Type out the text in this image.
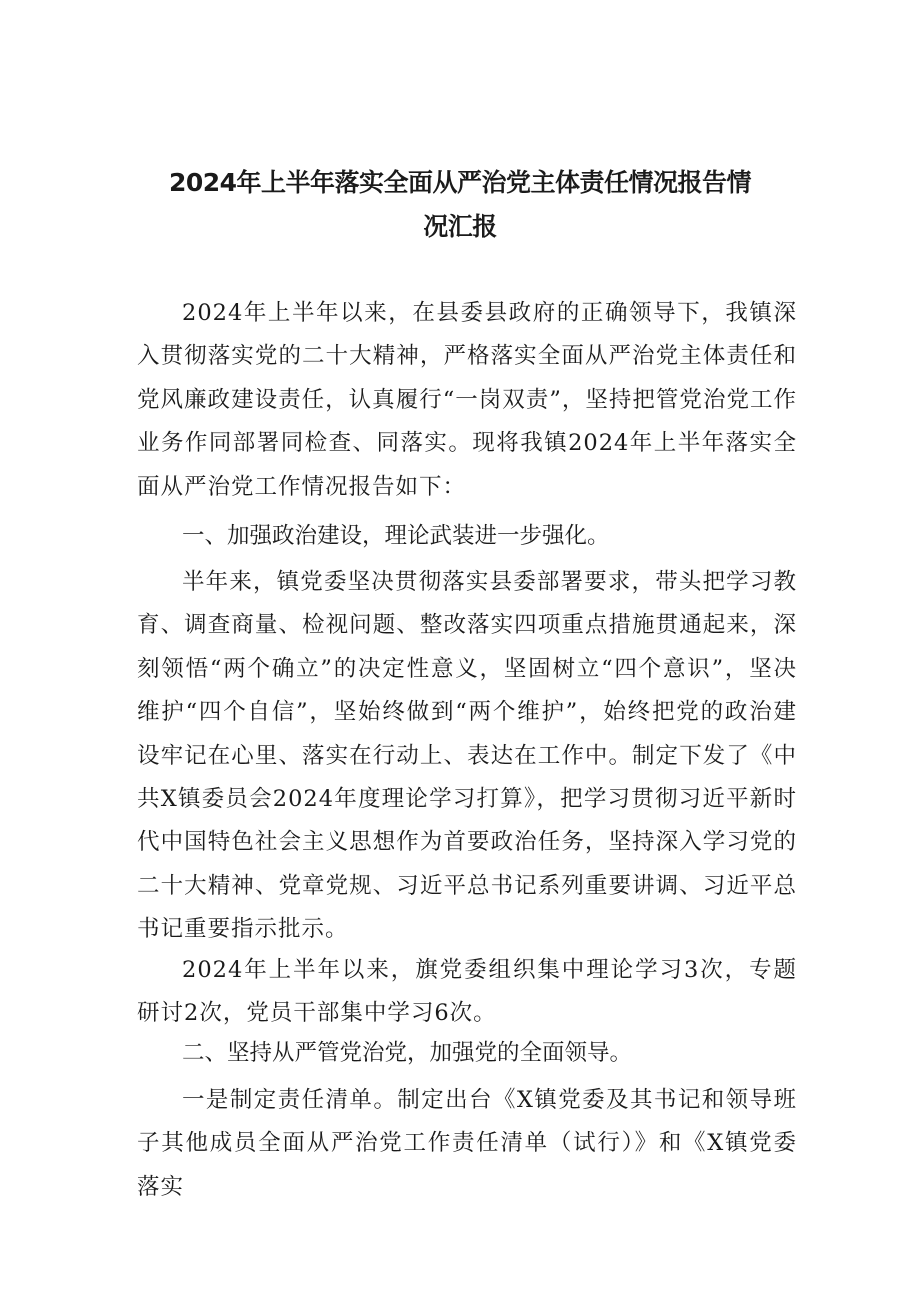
2024年上半年落实全面从严治党主体责任情况报告情
况汇报
2024年上半年以来，在县委县政府的正确领导下，我镇深入贯彻落实党的二十大精神，严格落实全面从严治党主体责任和党风廉政建设责任，认真履行“一岗双责”，坚持把管党治党工作业务作同部署同检查、同落实。现将我镇2024年上半年落实全面从严治党工作情况报告如下：
一、加强政治建设，理论武装进一步强化。
半年来，镇党委坚决贯彻落实县委部署要求，带头把学习教育、调查商量、检视问题、整改落实四项重点措施贯通起来，深刻领悟“两个确立”的决定性意义，坚固树立“四个意识”，坚决维护“四个自信”，坚始终做到“两个维护”，始终把党的政治建设牢记在心里、落实在行动上、表达在工作中。制定下发了《中共X镇委员会2024年度理论学习打算》，把学习贯彻习近平新时代中国特色社会主义思想作为首要政治任务，坚持深入学习党的二十大精神、党章党规、习近平总书记系列重要讲调、习近平总书记重要指示批示。
2024年上半年以来，旗党委组织集中理论学习3次，专题研讨2次，党员干部集中学习6次。
二、坚持从严管党治党，加强党的全面领导。
一是制定责任清单。制定出台《X镇党委及其书记和领导班子其他成员全面从严治党工作责任清单（试行）》和《X镇党委落实
